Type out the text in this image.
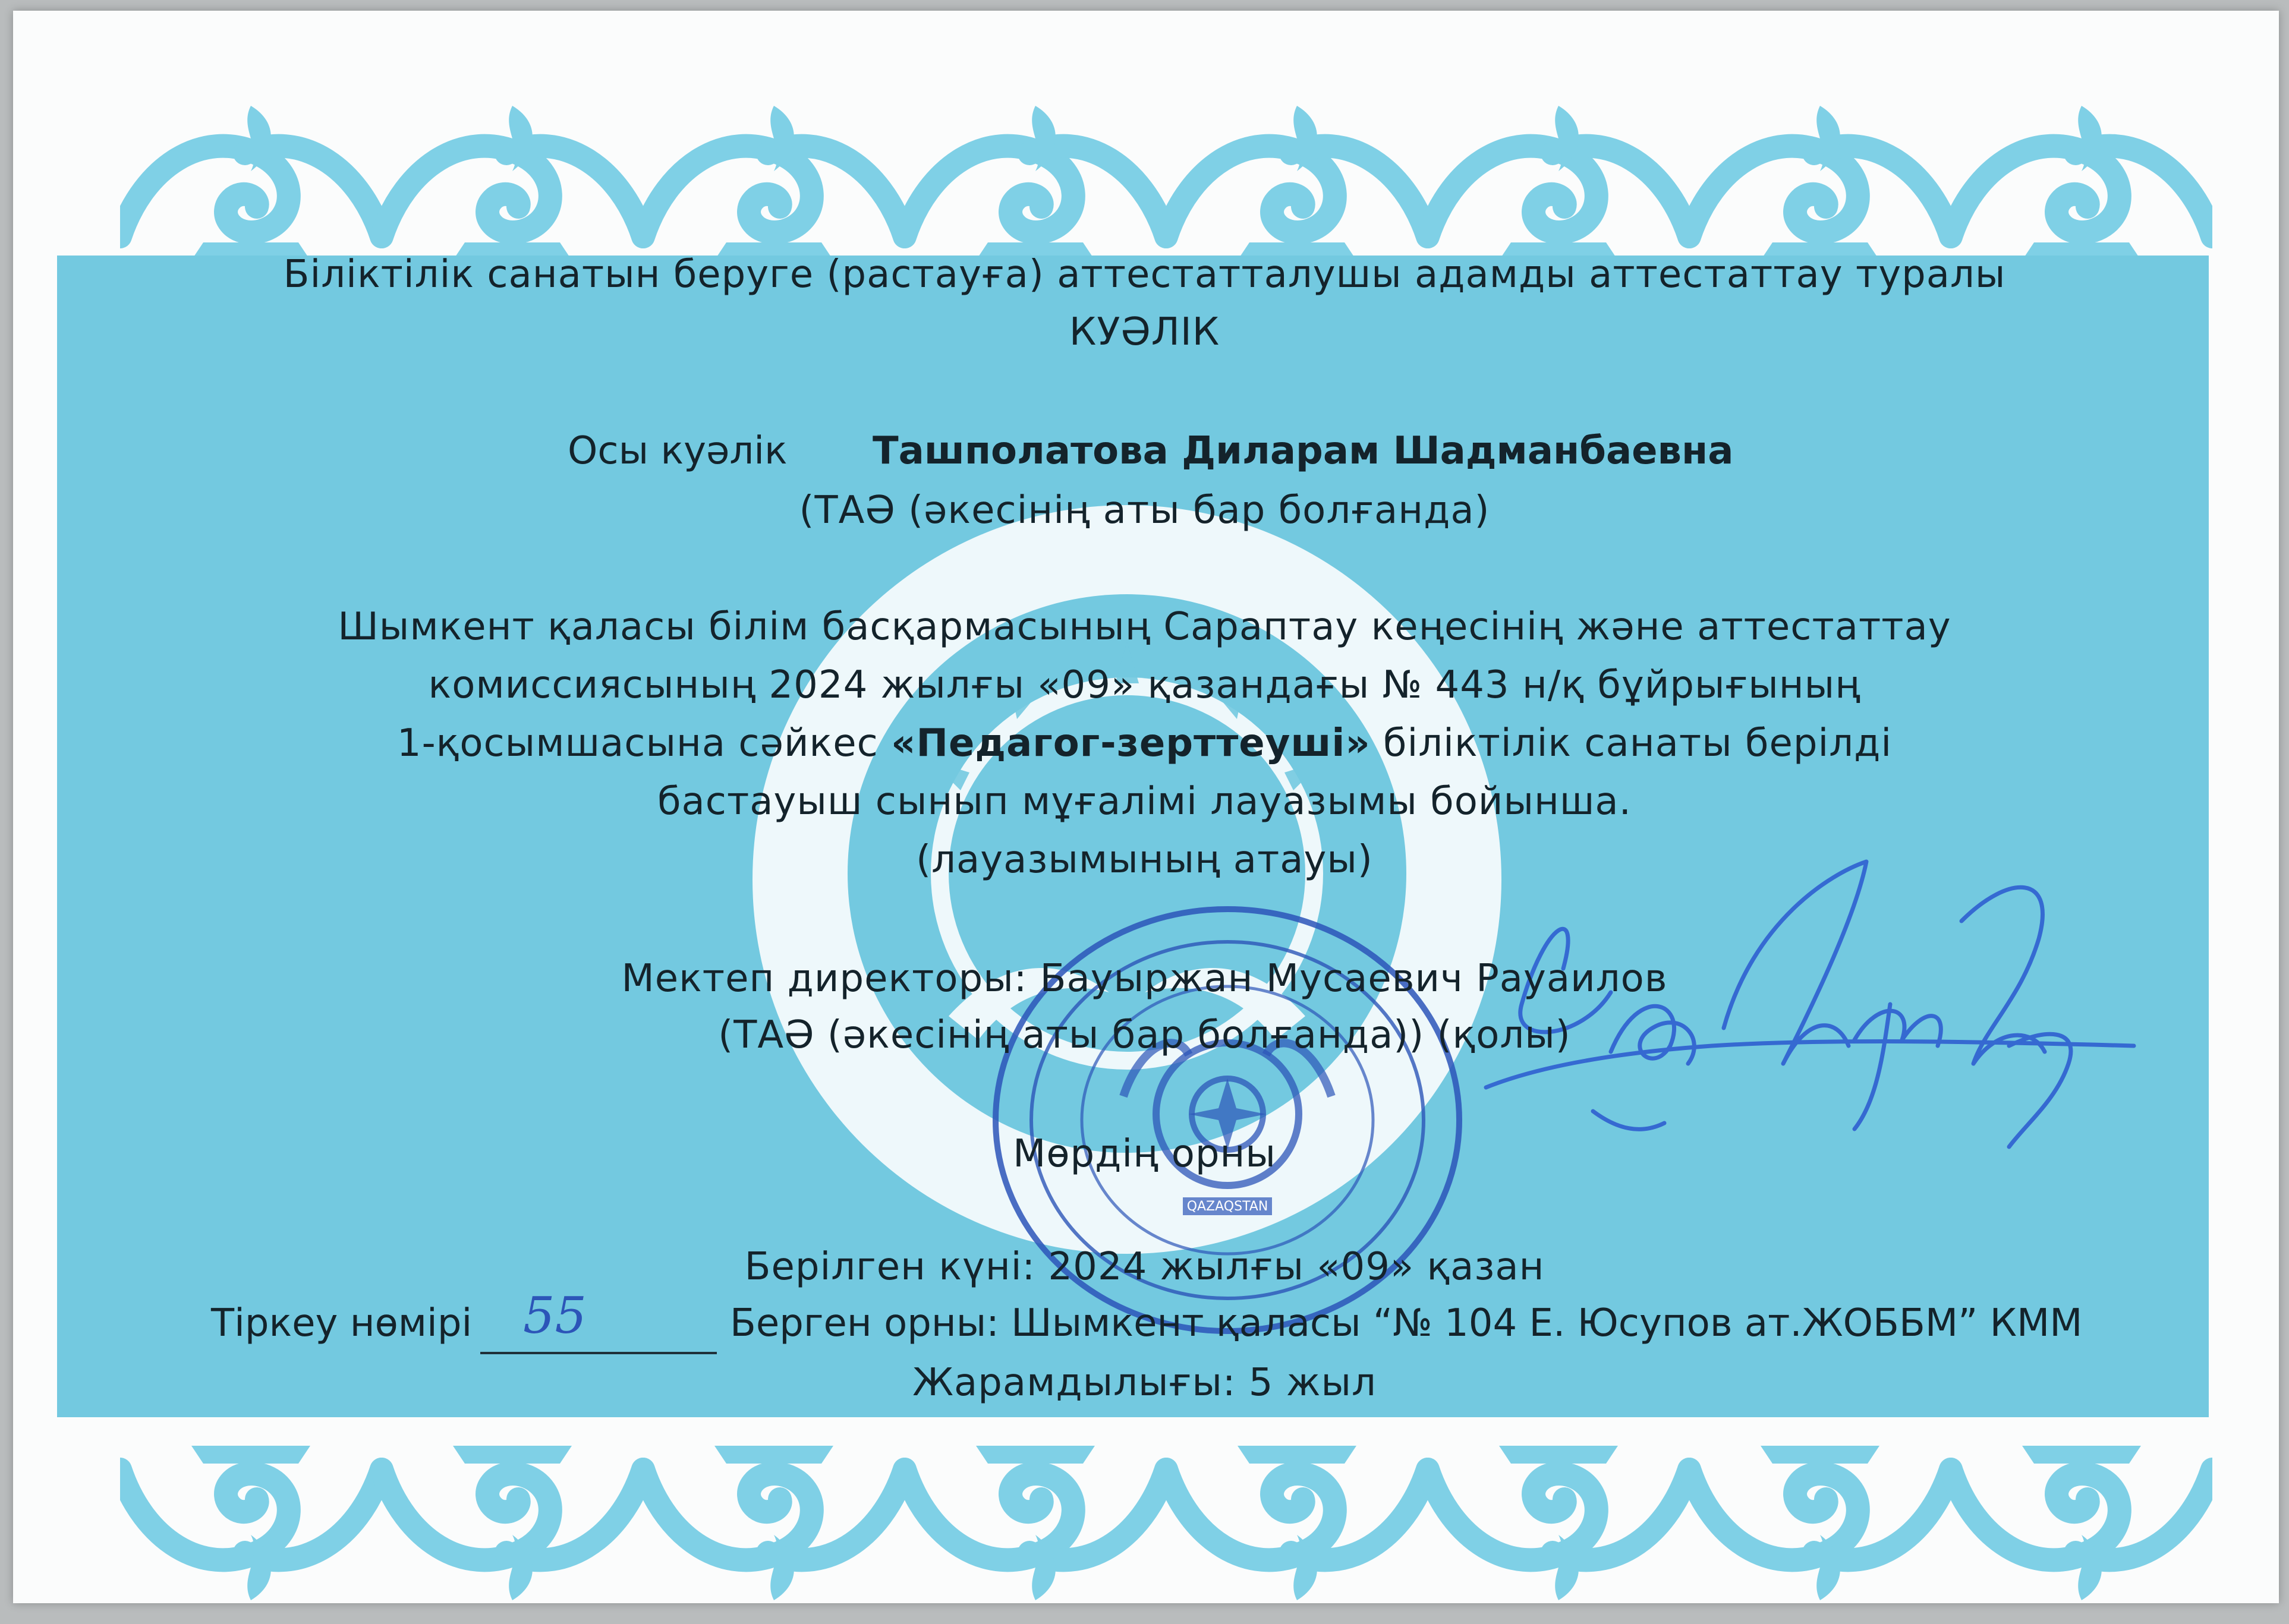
QAZAQSTAN
Біліктілік санатын беруге (растауға) аттестатталушы адамды аттестаттау туралы
КУӘЛІК
Осы куәлік Ташполатова Диларам Шадманбаевна
(ТАӘ (әкесінің аты бар болғанда)
Шымкент қаласы білім басқармасының Сараптау кеңесінің және аттестаттау
комиссиясының 2024 жылғы «09» қазандағы № 443 н/қ бұйрығының
1-қосымшасына сәйкес «Педагог-зерттеуші» біліктілік санаты берілді
бастауыш сынып мұғалімі лауазымы бойынша.
(лауазымының атауы)
Мектеп директоры: Бауыржан Мусаевич Рауаилов
(ТАӘ (әкесінің аты бар болғанда)) (қолы)
Мөрдің орны
Берілген күні: 2024 жылғы «09» қазан
Тіркеу нөмірі 55	Берген орны: Шымкент қаласы “№ 104 Е. Юсупов ат.ЖОББМ” КММ
Жарамдылығы: 5 жыл
